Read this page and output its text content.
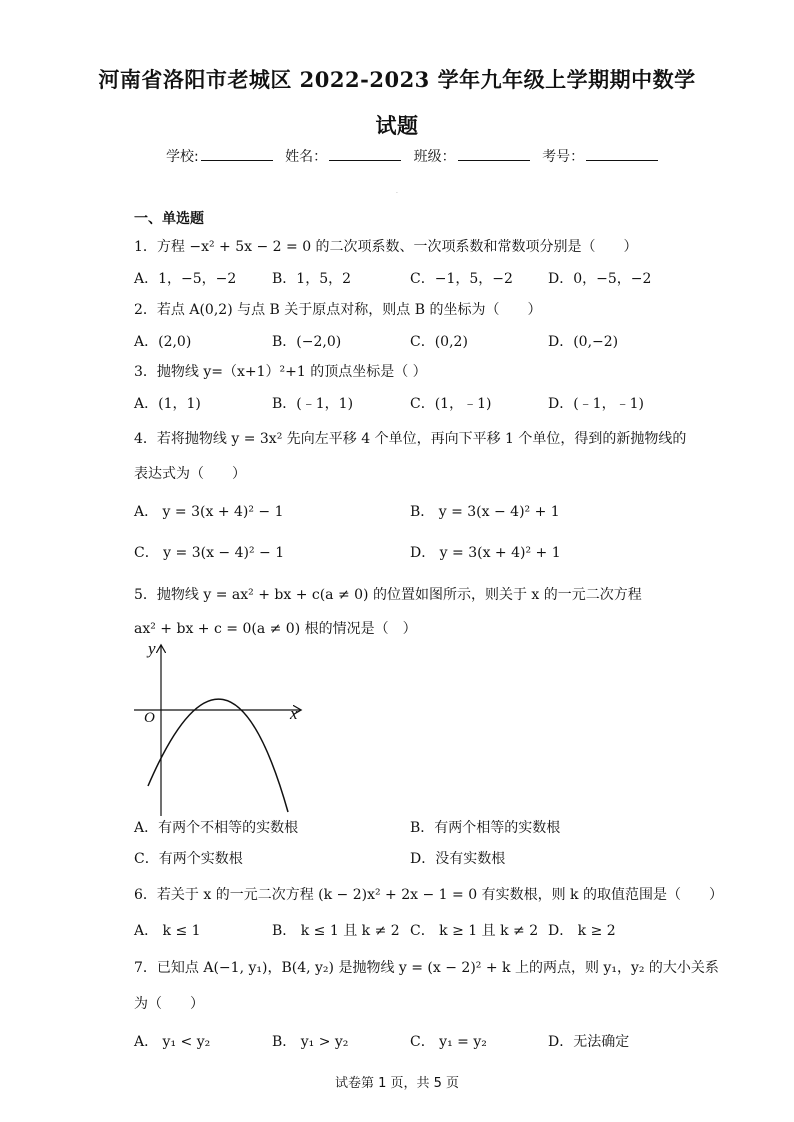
河南省洛阳市老城区 2022-2023 学年九年级上学期期中数学
试题
学校:	姓名：	班级：	考号：
·
一、单选题
1．方程 −x² + 5x − 2 = 0 的二次项系数、一次项系数和常数项分别是（　　）
A．1，−5，−2	B．1，5，2	C．−1，5，−2	D．0，−5，−2
2．若点 A(0,2) 与点 B 关于原点对称，则点 B 的坐标为（　　）
A．(2,0)	B．(−2,0)	C．(0,2)	D．(0,−2)
3．抛物线 y=（x+1）²+1 的顶点坐标是（ ）
A．(1，1)	B．(﹣1，1)	C．(1，﹣1)	D．(﹣1，﹣1)
4．若将抛物线 y = 3x² 先向左平移 4 个单位，再向下平移 1 个单位，得到的新抛物线的
表达式为（　　）
A． y = 3(x + 4)² − 1	B． y = 3(x − 4)² + 1
C． y = 3(x − 4)² − 1	D． y = 3(x + 4)² + 1
5．抛物线 y = ax² + bx + c(a ≠ 0) 的位置如图所示，则关于 x 的一元二次方程
ax² + bx + c = 0(a ≠ 0) 根的情况是（　）
y
x
O
A．有两个不相等的实数根	B．有两个相等的实数根
C．有两个实数根	D．没有实数根
6．若关于 x 的一元二次方程 (k − 2)x² + 2x − 1 = 0 有实数根，则 k 的取值范围是（　　）
A． k ≤ 1	B． k ≤ 1 且 k ≠ 2 C． k ≥ 1 且 k ≠ 2 D． k ≥ 2
7．已知点 A(−1, y₁)，B(4, y₂) 是抛物线 y = (x − 2)² + k 上的两点，则 y₁，y₂ 的大小关系
为（　　）
A． y₁ < y₂	B． y₁ > y₂	C． y₁ = y₂	D．无法确定
试卷第 1 页，共 5 页
